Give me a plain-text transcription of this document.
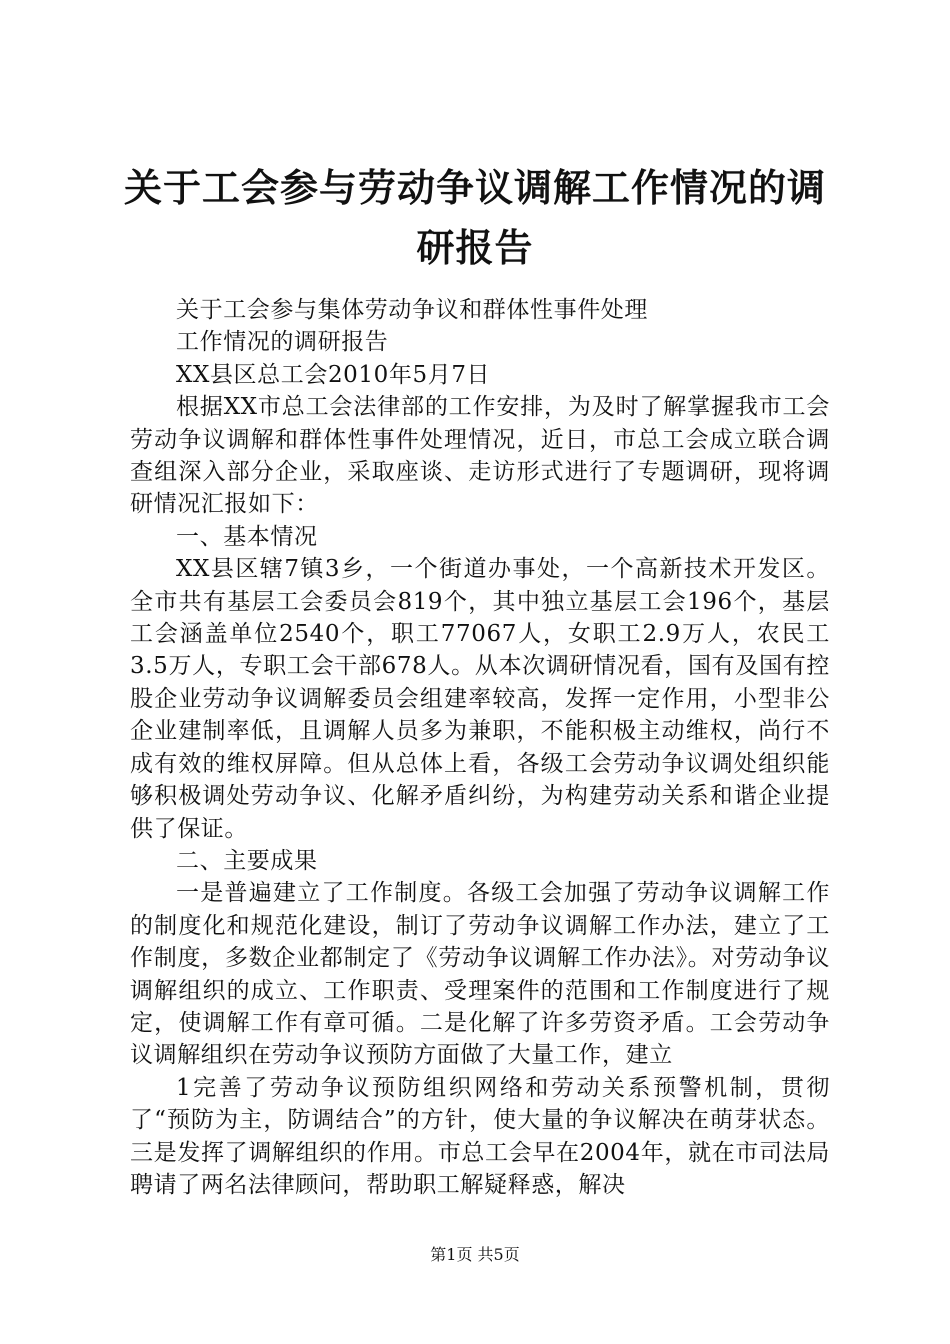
关于工会参与劳动争议调解工作情况的调研报告

关于工会参与集体劳动争议和群体性事件处理

工作情况的调研报告

XX县区总工会2010年5月7日

根据XX市总工会法律部的工作安排，为及时了解掌握我市工会劳动争议调解和群体性事件处理情况，近日，市总工会成立联合调查组深入部分企业，采取座谈、走访形式进行了专题调研，现将调研情况汇报如下：

一、基本情况

XX县区辖7镇3乡，一个街道办事处，一个高新技术开发区。全市共有基层工会委员会819个，其中独立基层工会196个，基层工会涵盖单位2540个，职工77067人，女职工2.9万人，农民工3.5万人，专职工会干部678人。从本次调研情况看，国有及国有控股企业劳动争议调解委员会组建率较高，发挥一定作用，小型非公企业建制率低，且调解人员多为兼职，不能积极主动维权，尚行不成有效的维权屏障。但从总体上看，各级工会劳动争议调处组织能够积极调处劳动争议、化解矛盾纠纷，为构建劳动关系和谐企业提供了保证。

二、主要成果

一是普遍建立了工作制度。各级工会加强了劳动争议调解工作的制度化和规范化建设，制订了劳动争议调解工作办法，建立了工作制度，多数企业都制定了《劳动争议调解工作办法》。对劳动争议调解组织的成立、工作职责、受理案件的范围和工作制度进行了规定，使调解工作有章可循。二是化解了许多劳资矛盾。工会劳动争议调解组织在劳动争议预防方面做了大量工作，建立

1完善了劳动争议预防组织网络和劳动关系预警机制，贯彻了“预防为主，防调结合”的方针，使大量的争议解决在萌芽状态。三是发挥了调解组织的作用。市总工会早在2004年，就在市司法局聘请了两名法律顾问，帮助职工解疑释惑，解决

第1页 共5页
